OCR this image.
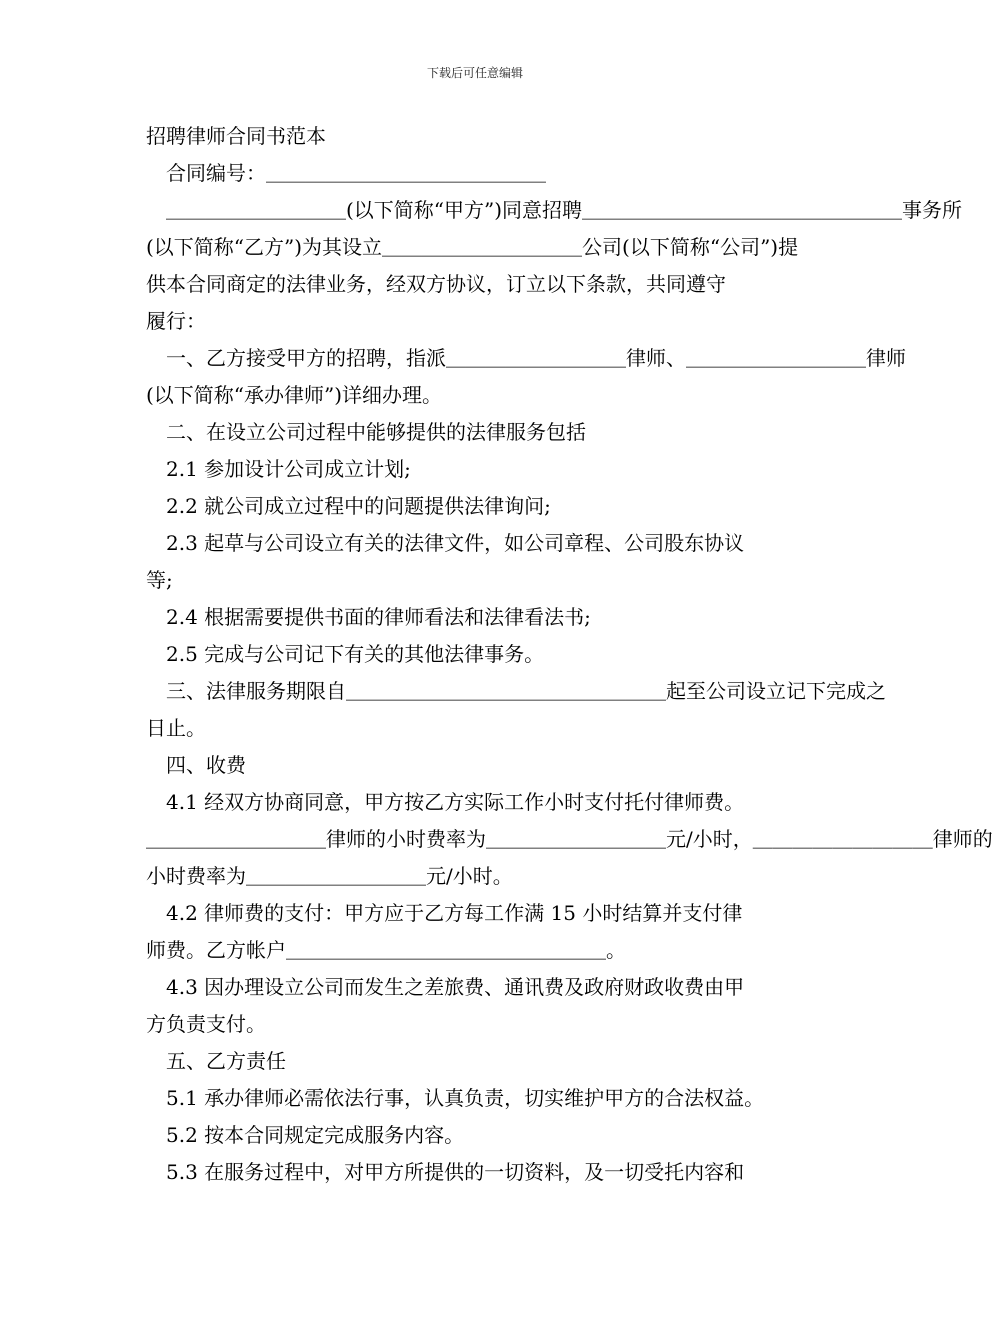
下载后可任意编辑
招聘律师合同书范本
　合同编号：＿＿＿＿＿＿＿＿＿＿＿＿＿＿
　＿＿＿＿＿＿＿＿＿(以下简称“甲方”)同意招聘＿＿＿＿＿＿＿＿＿＿＿＿＿＿＿＿事务所
(以下简称“乙方”)为其设立＿＿＿＿＿＿＿＿＿＿公司(以下简称“公司”)提
供本合同商定的法律业务，经双方协议，订立以下条款，共同遵守
履行：
　一、乙方接受甲方的招聘，指派＿＿＿＿＿＿＿＿＿律师、＿＿＿＿＿＿＿＿＿律师
(以下简称“承办律师”)详细办理。
　二、在设立公司过程中能够提供的法律服务包括
　2.1 参加设计公司成立计划;
　2.2 就公司成立过程中的问题提供法律询问;
　2.3 起草与公司设立有关的法律文件，如公司章程、公司股东协议
等;
　2.4 根据需要提供书面的律师看法和法律看法书;
　2.5 完成与公司记下有关的其他法律事务。
　三、法律服务期限自＿＿＿＿＿＿＿＿＿＿＿＿＿＿＿＿起至公司设立记下完成之
日止。
　四、收费
　4.1 经双方协商同意，甲方按乙方实际工作小时支付托付律师费。
＿＿＿＿＿＿＿＿＿律师的小时费率为＿＿＿＿＿＿＿＿＿元/小时，＿＿＿＿＿＿＿＿＿律师的
小时费率为＿＿＿＿＿＿＿＿＿元/小时。
　4.2 律师费的支付：甲方应于乙方每工作满 15 小时结算并支付律
师费。乙方帐户＿＿＿＿＿＿＿＿＿＿＿＿＿＿＿＿。
　4.3 因办理设立公司而发生之差旅费、通讯费及政府财政收费由甲
方负责支付。
　五、乙方责任
　5.1 承办律师必需依法行事，认真负责，切实维护甲方的合法权益。
　5.2 按本合同规定完成服务内容。
　5.3 在服务过程中，对甲方所提供的一切资料，及一切受托内容和
